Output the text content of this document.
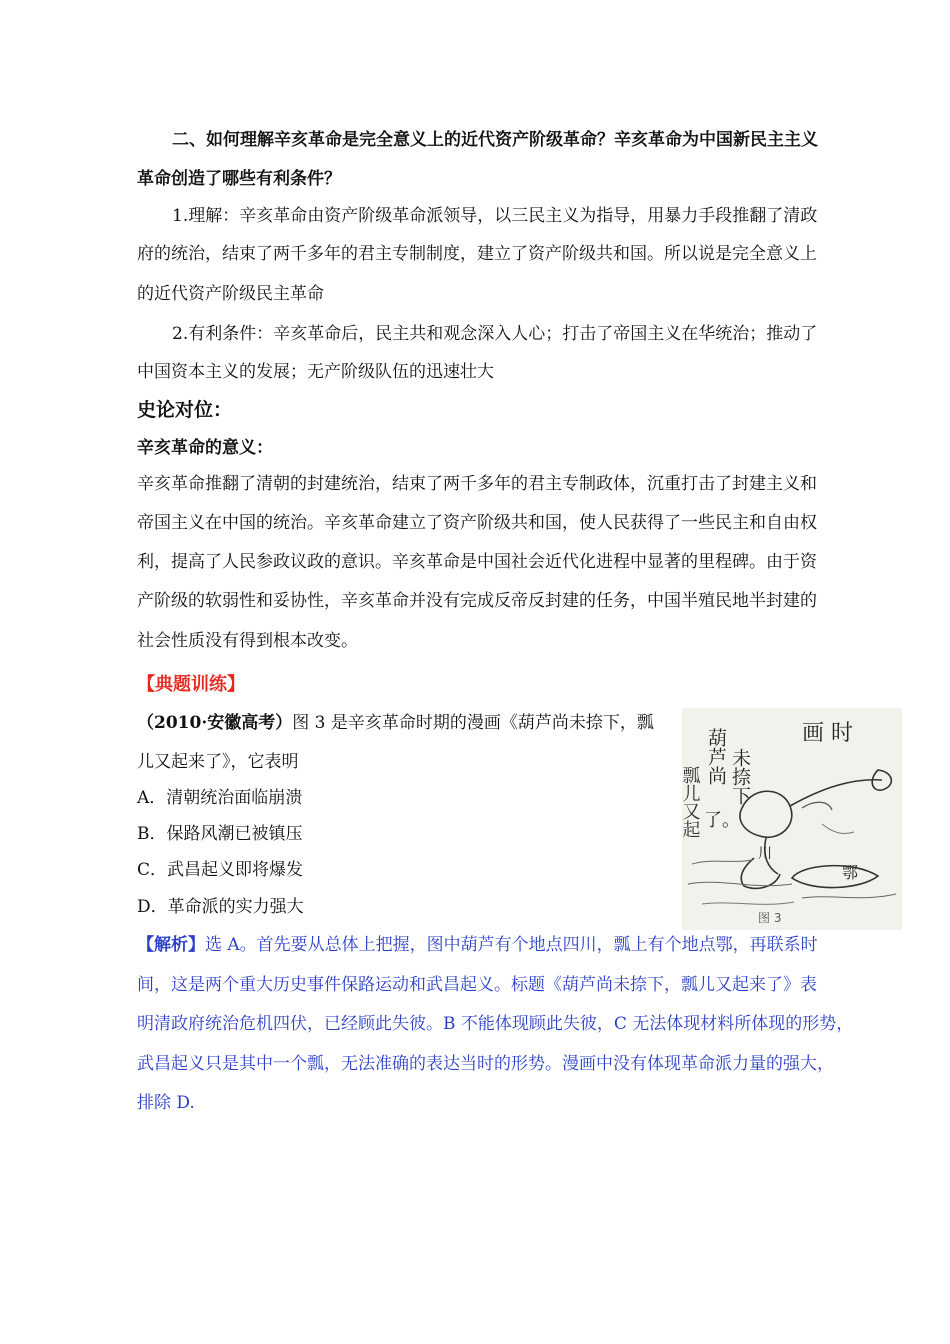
二、如何理解辛亥革命是完全意义上的近代资产阶级革命？辛亥革命为中国新民主主义
革命创造了哪些有利条件？
1.理解：辛亥革命由资产阶级革命派领导，以三民主义为指导，用暴力手段推翻了清政
府的统治，结束了两千多年的君主专制制度，建立了资产阶级共和国。所以说是完全意义上
的近代资产阶级民主革命
2.有利条件：辛亥革命后，民主共和观念深入人心；打击了帝国主义在华统治；推动了
中国资本主义的发展；无产阶级队伍的迅速壮大
史论对位：
辛亥革命的意义：
辛亥革命推翻了清朝的封建统治，结束了两千多年的君主专制政体，沉重打击了封建主义和
帝国主义在中国的统治。辛亥革命建立了资产阶级共和国，使人民获得了一些民主和自由权
利，提高了人民参政议政的意识。辛亥革命是中国社会近代化进程中显著的里程碑。由于资
产阶级的软弱性和妥协性，辛亥革命并没有完成反帝反封建的任务，中国半殖民地半封建的
社会性质没有得到根本改变。
【典题训练】
（2010·安徽高考）图 3 是辛亥革命时期的漫画《葫芦尚未捺下，瓢
儿又起来了》，它表明
A．清朝统治面临崩溃
B．保路风潮已被镇压
C．武昌起义即将爆发
D．革命派的实力强大
瓢儿又起
葫芦尚 未捺下
了。
画 时
川
鄂
图 3
【解析】选 A。首先要从总体上把握，图中葫芦有个地点四川，瓢上有个地点鄂，再联系时
间，这是两个重大历史事件保路运动和武昌起义。标题《葫芦尚未捺下，瓢儿又起来了》表
明清政府统治危机四伏，已经顾此失彼。B 不能体现顾此失彼，C 无法体现材料所体现的形势，
武昌起义只是其中一个瓢，无法准确的表达当时的形势。漫画中没有体现革命派力量的强大，
排除 D.
